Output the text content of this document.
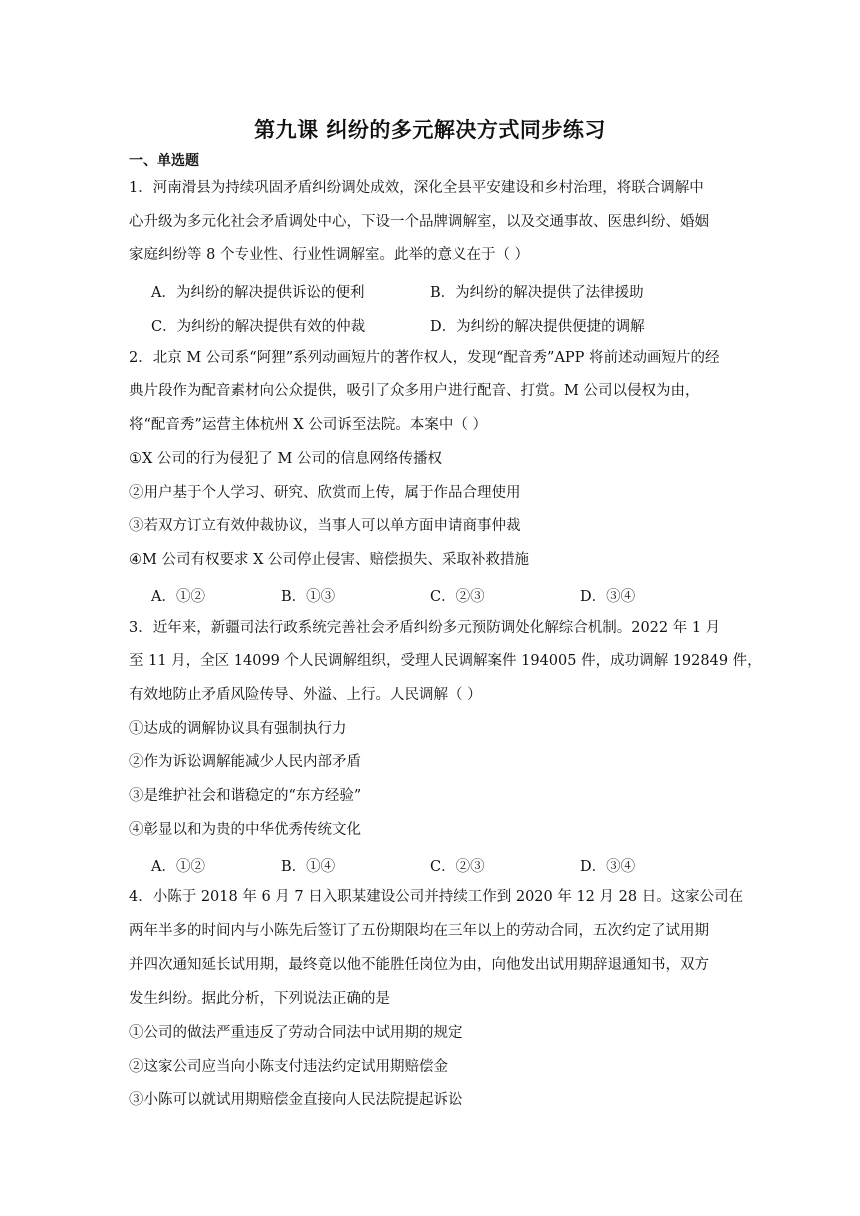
第九课 纠纷的多元解决方式同步练习
一、单选题
1．河南滑县为持续巩固矛盾纠纷调处成效，深化全县平安建设和乡村治理，将联合调解中
心升级为多元化社会矛盾调处中心，下设一个品牌调解室，以及交通事故、医患纠纷、婚姻
家庭纠纷等 8 个专业性、行业性调解室。此举的意义在于（ ）
A．为纠纷的解决提供诉讼的便利	B．为纠纷的解决提供了法律援助
C．为纠纷的解决提供有效的仲裁	D．为纠纷的解决提供便捷的调解
2．北京 M 公司系“阿狸”系列动画短片的著作权人，发现“配音秀”APP 将前述动画短片的经
典片段作为配音素材向公众提供，吸引了众多用户进行配音、打赏。M 公司以侵权为由，
将“配音秀”运营主体杭州 X 公司诉至法院。本案中（ ）
①X 公司的行为侵犯了 M 公司的信息网络传播权
②用户基于个人学习、研究、欣赏而上传，属于作品合理使用
③若双方订立有效仲裁协议，当事人可以单方面申请商事仲裁
④M 公司有权要求 X 公司停止侵害、赔偿损失、采取补救措施
A．①②	B．①③	C．②③	D．③④
3．近年来，新疆司法行政系统完善社会矛盾纠纷多元预防调处化解综合机制。2022 年 1 月
至 11 月，全区 14099 个人民调解组织，受理人民调解案件 194005 件，成功调解 192849 件，
有效地防止矛盾风险传导、外溢、上行。人民调解（ ）
①达成的调解协议具有强制执行力
②作为诉讼调解能减少人民内部矛盾
③是维护社会和谐稳定的“东方经验”
④彰显以和为贵的中华优秀传统文化
A．①②	B．①④	C．②③	D．③④
4．小陈于 2018 年 6 月 7 日入职某建设公司并持续工作到 2020 年 12 月 28 日。这家公司在
两年半多的时间内与小陈先后签订了五份期限均在三年以上的劳动合同，五次约定了试用期
并四次通知延长试用期，最终竟以他不能胜任岗位为由，向他发出试用期辞退通知书，双方
发生纠纷。据此分析，下列说法正确的是
①公司的做法严重违反了劳动合同法中试用期的规定
②这家公司应当向小陈支付违法约定试用期赔偿金
③小陈可以就试用期赔偿金直接向人民法院提起诉讼
